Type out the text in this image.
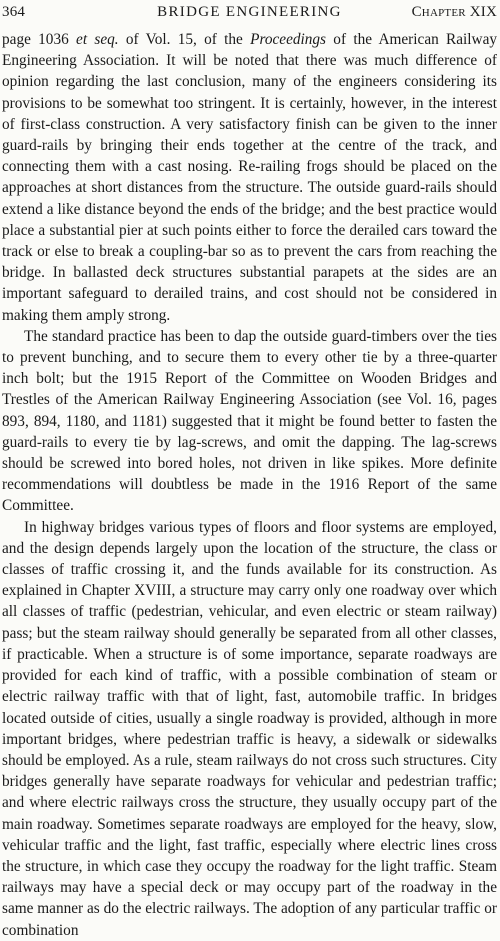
364	BRIDGE ENGINEERING	Chapter XIX

page 1036 et seq. of Vol. 15, of the Proceedings of the American Railway Engineering Association. It will be noted that there was much difference of opinion regarding the last conclusion, many of the engineers considering its provisions to be somewhat too stringent. It is certainly, however, in the interest of first-class construction. A very satisfactory finish can be given to the inner guard-rails by bringing their ends together at the centre of the track, and connecting them with a cast nosing. Re-railing frogs should be placed on the approaches at short distances from the structure. The outside guard-rails should extend a like distance beyond the ends of the bridge; and the best practice would place a substantial pier at such points either to force the derailed cars toward the track or else to break a coupling-bar so as to prevent the cars from reaching the bridge. In ballasted deck structures substantial parapets at the sides are an important safeguard to derailed trains, and cost should not be considered in making them amply strong.

The standard practice has been to dap the outside guard-timbers over the ties to prevent bunching, and to secure them to every other tie by a three-quarter inch bolt; but the 1915 Report of the Committee on Wooden Bridges and Trestles of the American Railway Engineering Association (see Vol. 16, pages 893, 894, 1180, and 1181) suggested that it might be found better to fasten the guard-rails to every tie by lag-screws, and omit the dapping. The lag-screws should be screwed into bored holes, not driven in like spikes. More definite recommendations will doubtless be made in the 1916 Report of the same Committee.

In highway bridges various types of floors and floor systems are employed, and the design depends largely upon the location of the structure, the class or classes of traffic crossing it, and the funds available for its construction. As explained in Chapter XVIII, a structure may carry only one roadway over which all classes of traffic (pedestrian, vehicular, and even electric or steam railway) pass; but the steam railway should generally be separated from all other classes, if practicable. When a structure is of some importance, separate roadways are provided for each kind of traffic, with a possible combination of steam or electric railway traffic with that of light, fast, automobile traffic. In bridges located outside of cities, usually a single roadway is provided, although in more important bridges, where pedestrian traffic is heavy, a sidewalk or sidewalks should be employed. As a rule, steam railways do not cross such structures. City bridges generally have separate roadways for vehicular and pedestrian traffic; and where electric railways cross the structure, they usually occupy part of the main roadway. Sometimes separate roadways are employed for the heavy, slow, vehicular traffic and the light, fast traffic, especially where electric lines cross the structure, in which case they occupy the roadway for the light traffic. Steam railways may have a special deck or may occupy part of the roadway in the same manner as do the electric railways. The adoption of any particular traffic or combination
